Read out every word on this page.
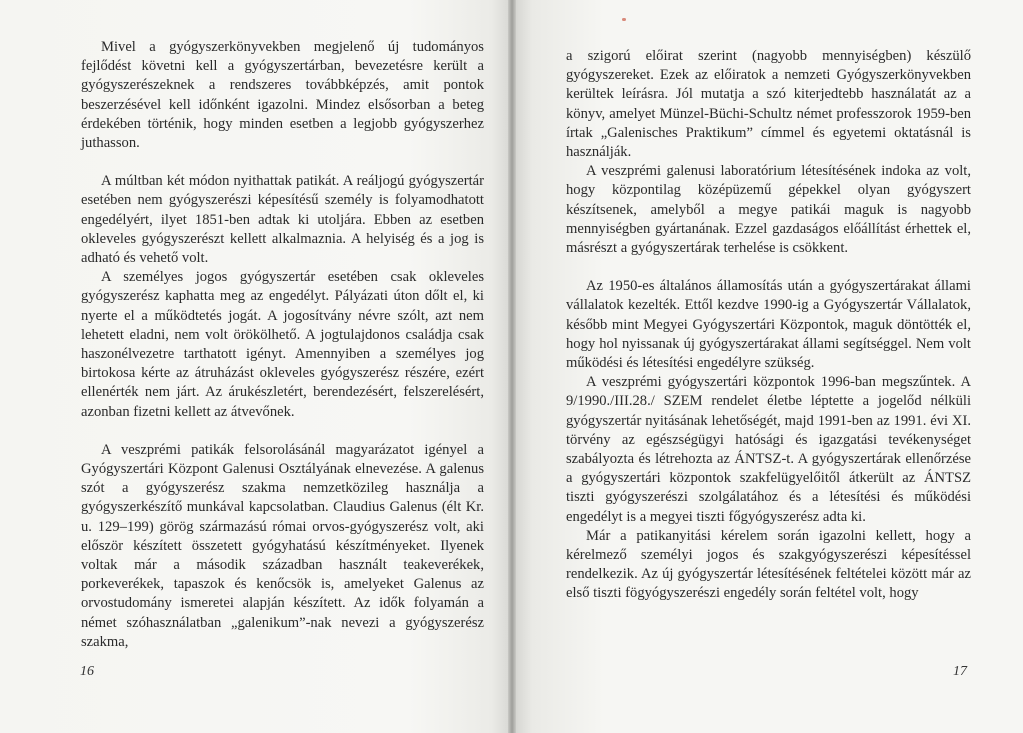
Mivel a gyógyszerkönyvekben megjelenő új tudományos fejlődést követni kell a gyógyszertárban, bevezetésre került a gyógyszerészeknek a rendszeres továbbképzés, amit pontok beszerzésével kell időnként igazolni. Mindez elsősorban a beteg érdekében történik, hogy minden esetben a legjobb gyógyszerhez juthasson.

A múltban két módon nyithattak patikát. A reáljogú gyógyszertár esetében nem gyógyszerészi képesítésű személy is folyamodhatott engedélyért, ilyet 1851-ben adtak ki utoljára. Ebben az esetben okleveles gyógyszerészt kellett alkalmaznia. A helyiség és a jog is adható és vehető volt.

A személyes jogos gyógyszertár esetében csak okleveles gyógyszerész kaphatta meg az engedélyt. Pályázati úton dőlt el, ki nyerte el a működtetés jogát. A jogosítvány névre szólt, azt nem lehetett eladni, nem volt örökölhető. A jogtulajdonos családja csak haszonélvezetre tarthatott igényt. Amennyiben a személyes jog birtokosa kérte az átruházást okleveles gyógyszerész részére, ezért ellenérték nem járt. Az árukészletért, berendezésért, felszerelésért, azonban fizetni kellett az átvevőnek.

A veszprémi patikák felsorolásánál magyarázatot igényel a Gyógyszertári Központ Galenusi Osztályának elnevezése. A galenus szót a gyógyszerész szakma nemzetközileg használja a gyógyszerkészítő munkával kapcsolatban. Claudius Galenus (élt Kr. u. 129–199) görög származású római orvos-gyógyszerész volt, aki először készített összetett gyógyhatású készítményeket. Ilyenek voltak már a második században használt teakeverékek, porkeverékek, tapaszok és kenőcsök is, amelyeket Galenus az orvostudomány ismeretei alapján készített. Az idők folyamán a német szóhasználatban „galenikum”-nak nevezi a gyógyszerész szakma,

a szigorú előirat szerint (nagyobb mennyiségben) készülő gyógyszereket. Ezek az előiratok a nemzeti Gyógyszerkönyvekben kerültek leírásra. Jól mutatja a szó kiterjedtebb használatát az a könyv, amelyet Münzel-Büchi-Schultz német professzorok 1959-ben írtak „Galenisches Praktikum” címmel és egyetemi oktatásnál is használják.

A veszprémi galenusi laboratórium létesítésének indoka az volt, hogy központilag középüzemű gépekkel olyan gyógyszert készítsenek, amelyből a megye patikái maguk is nagyobb mennyiségben gyártanának. Ezzel gazdaságos előállítást érhettek el, másrészt a gyógyszertárak terhelése is csökkent.

Az 1950-es általános államosítás után a gyógyszertárakat állami vállalatok kezelték. Ettől kezdve 1990-ig a Gyógyszertár Vállalatok, később mint Megyei Gyógyszertári Központok, maguk döntötték el, hogy hol nyissanak új gyógyszertárakat állami segítséggel. Nem volt működési és létesítési engedélyre szükség.

A veszprémi gyógyszertári központok 1996-ban megszűntek. A 9/1990./III.28./ SZEM rendelet életbe léptette a jogelőd nélküli gyógyszertár nyitásának lehetőségét, majd 1991-ben az 1991. évi XI. törvény az egészségügyi hatósági és igazgatási tevékenységet szabályozta és létrehozta az ÁNTSZ-t. A gyógyszertárak ellenőrzése a gyógyszertári központok szakfelügyelőitől átkerült az ÁNTSZ tiszti gyógyszerészi szolgálatához és a létesítési és működési engedélyt is a megyei tiszti főgyógyszerész adta ki.

Már a patikanyitási kérelem során igazolni kellett, hogy a kérelmező személyi jogos és szakgyógyszerészi képesítéssel rendelkezik. Az új gyógyszertár létesítésének feltételei között már az első tiszti fögyógyszerészi engedély során feltétel volt, hogy

16	17
